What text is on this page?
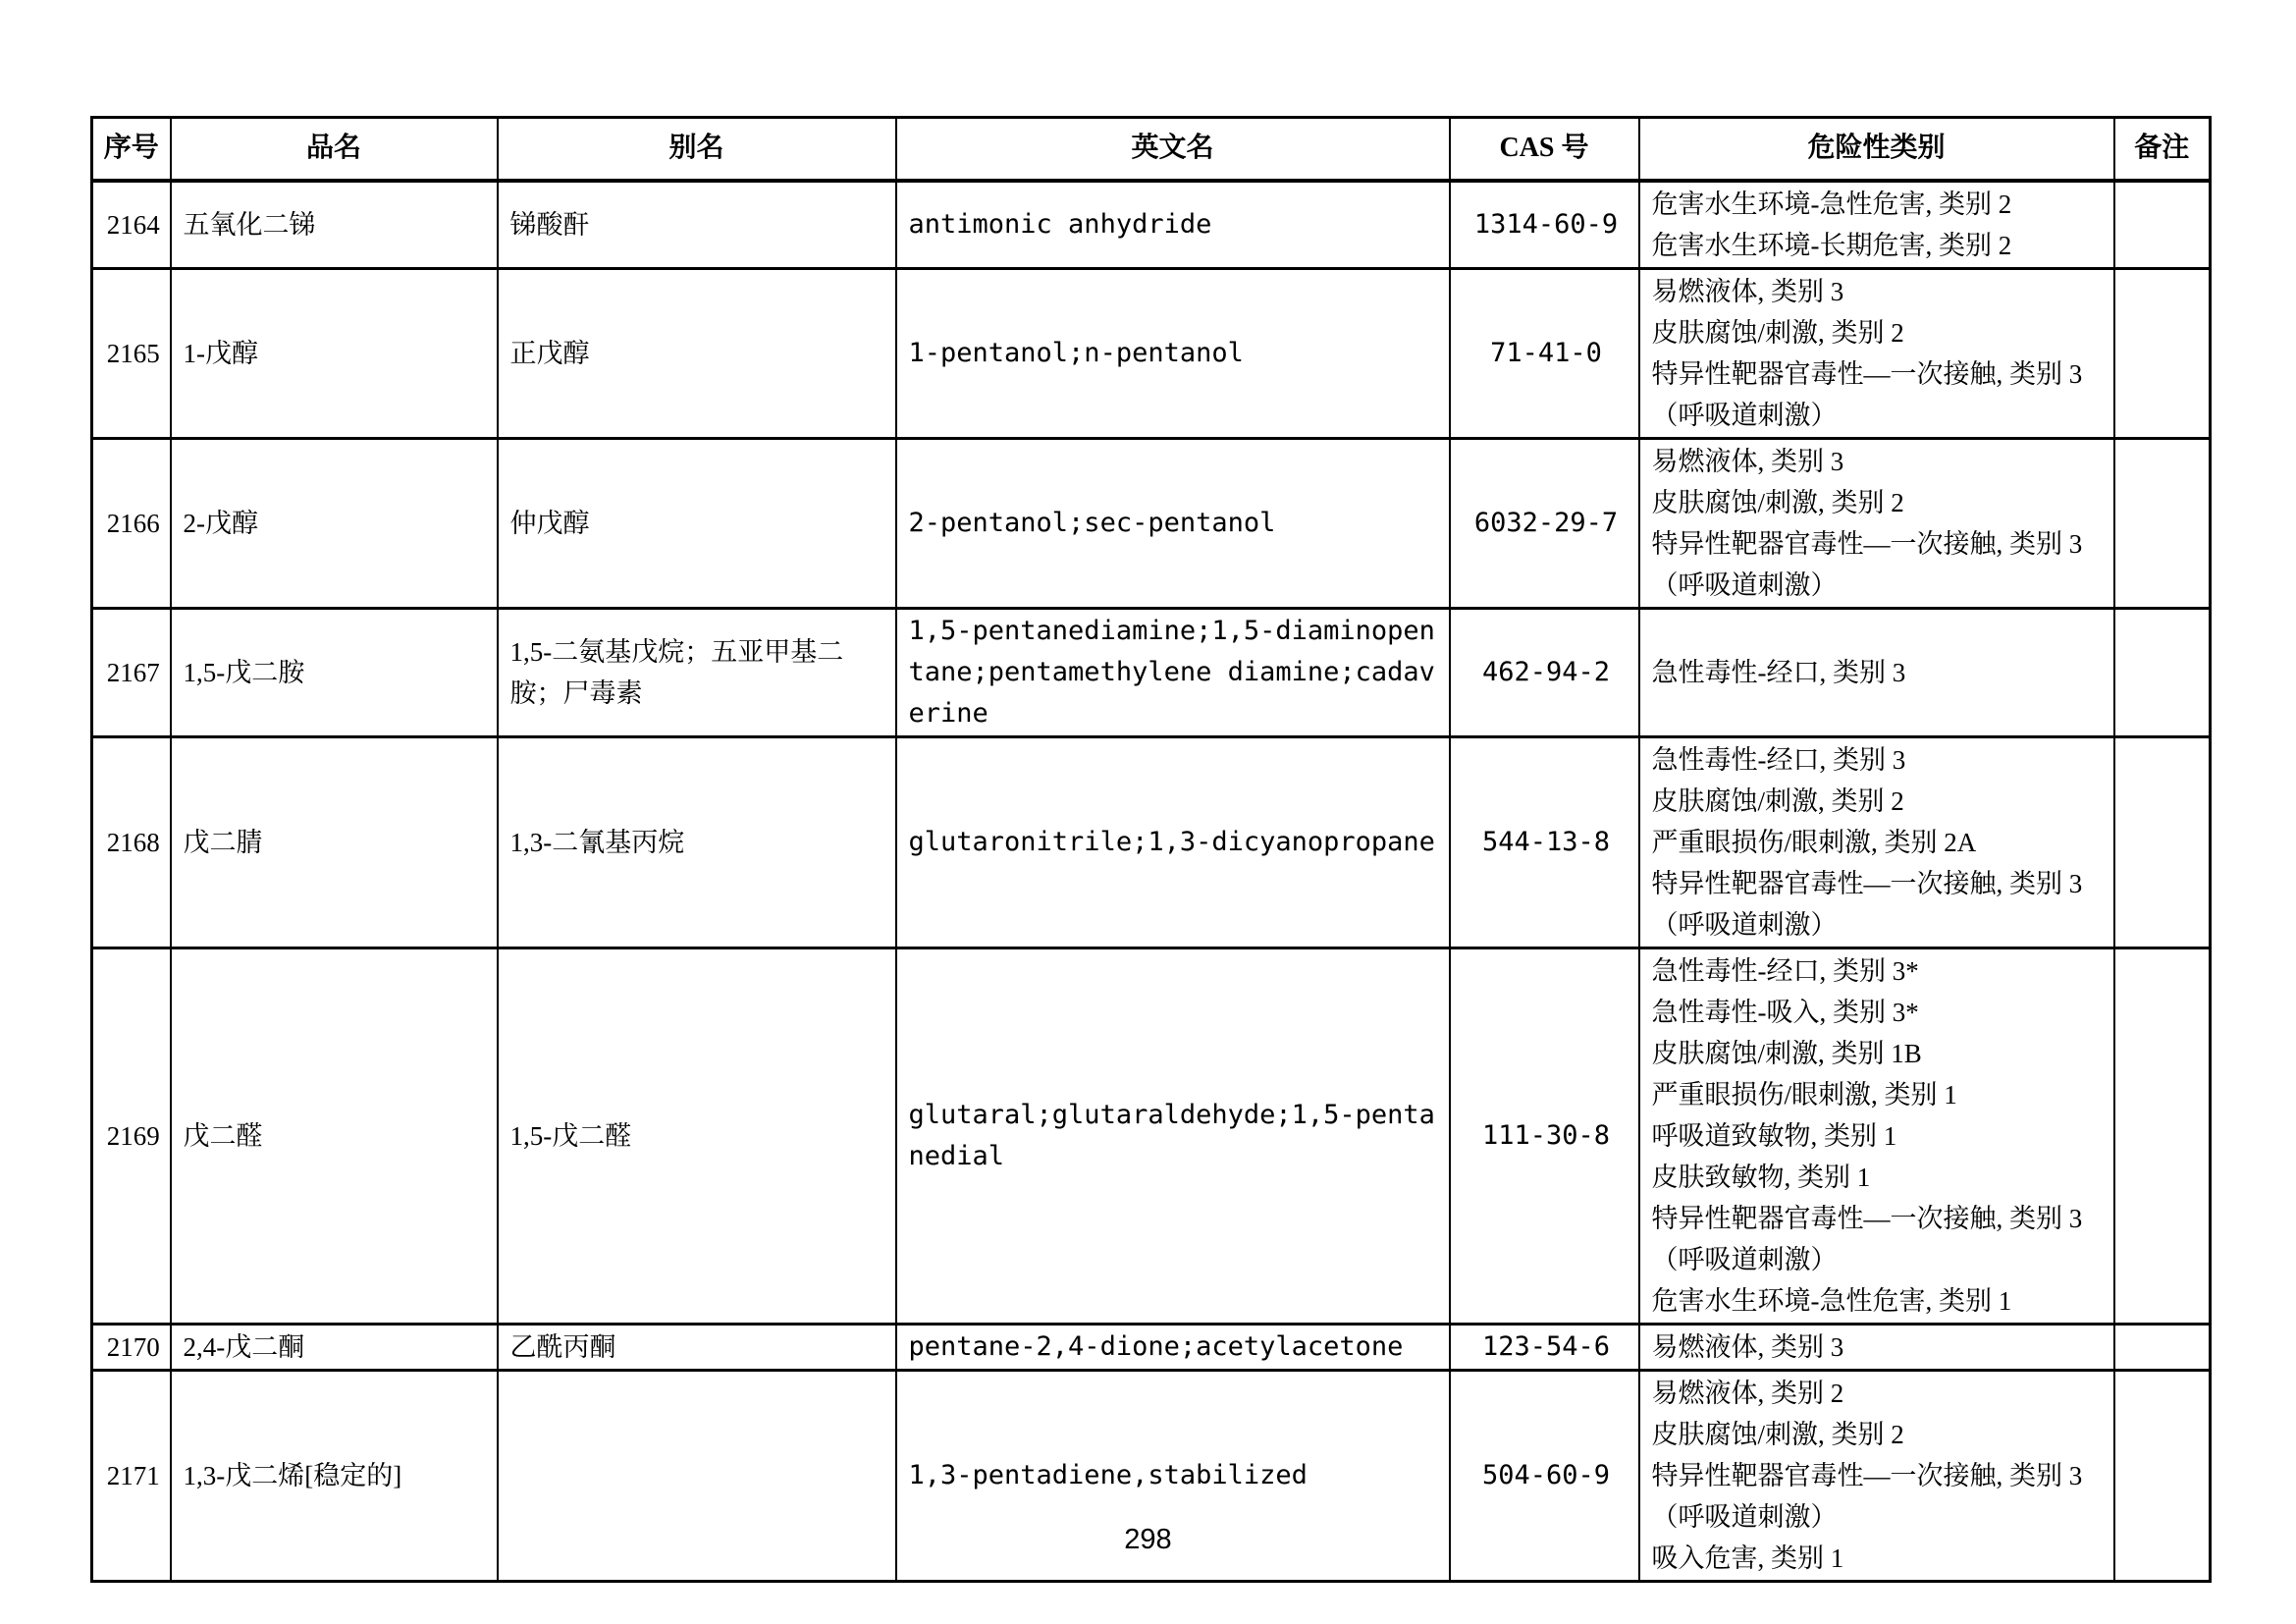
序号	品名	别名	英文名	CAS 号	危险性类别	备注
2164	五氧化二锑	锑酸酐	antimonic anhydride	1314-60-9	危害水生环境-急性危害, 类别 2
危害水生环境-长期危害, 类别 2	

2165	1-戊醇	正戊醇	1-pentanol;n-pentanol	71-41-0	易燃液体, 类别 3
皮肤腐蚀/刺激, 类别 2
特异性靶器官毒性—一次接触, 类别 3
（呼吸道刺激）	

2166	2-戊醇	仲戊醇	2-pentanol;sec-pentanol	6032-29-7	易燃液体, 类别 3
皮肤腐蚀/刺激, 类别 2
特异性靶器官毒性—一次接触, 类别 3
（呼吸道刺激）	

2167	1,5-戊二胺	1,5-二氨基戊烷；五亚甲基二胺；尸毒素	1,5-pentanediamine;1,5-diaminopentane;pentamethylene diamine;cadaverine	462-94-2	急性毒性-经口, 类别 3	

2168	戊二腈	1,3-二氰基丙烷	glutaronitrile;1,3-dicyanopropane	544-13-8	急性毒性-经口, 类别 3
皮肤腐蚀/刺激, 类别 2
严重眼损伤/眼刺激, 类别 2A
特异性靶器官毒性—一次接触, 类别 3
（呼吸道刺激）	

2169	戊二醛	1,5-戊二醛	glutaral;glutaraldehyde;1,5-pentanedial	111-30-8	
急性毒性-经口, 类别 3*
急性毒性-吸入, 类别 3*
皮肤腐蚀/刺激, 类别 1B
严重眼损伤/眼刺激, 类别 1
呼吸道致敏物, 类别 1
皮肤致敏物, 类别 1
特异性靶器官毒性—一次接触, 类别 3
（呼吸道刺激）
危害水生环境-急性危害, 类别 1

2170	2,4-戊二酮	乙酰丙酮	pentane-2,4-dione;acetylacetone	123-54-6	易燃液体, 类别 3	

2171	1,3-戊二烯[稳定的]		1,3-pentadiene,stabilized	504-60-9	易燃液体, 类别 2
皮肤腐蚀/刺激, 类别 2
特异性靶器官毒性—一次接触, 类别 3
（呼吸道刺激）
吸入危害, 类别 1	

298
